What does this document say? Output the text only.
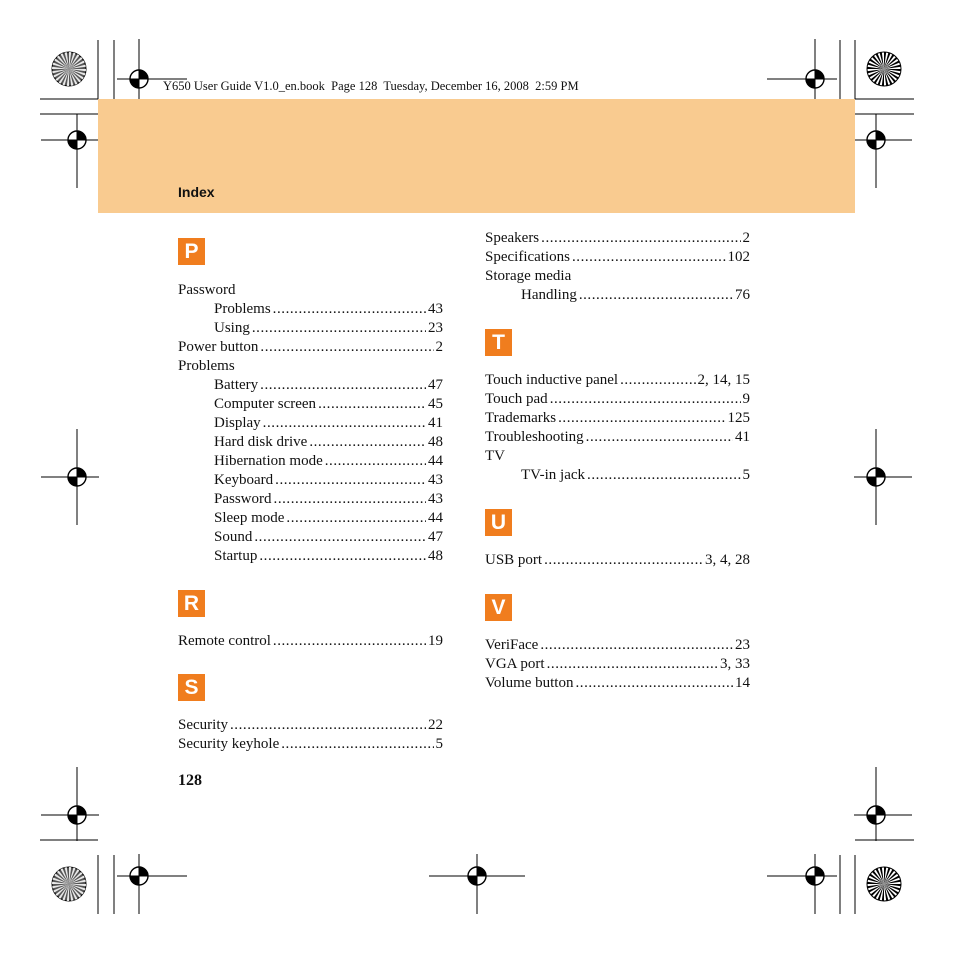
Y650 User Guide V1.0_en.book  Page 128  Tuesday, December 16, 2008  2:59 PM
Index
P
Password
Problems . . .	43
Using . . .	23
Power button . . .	2
Problems
Battery . . .	47
Computer screen . . .	45
Display . . .	41
Hard disk drive . . .	48
Hibernation mode . . .	44
Keyboard . . .	43
Password . . .	43
Sleep mode . . .	44
Sound . . .	47
Startup . . .	48
R
Remote control . . .	19
S
Security . . .	22
Security keyhole . . .	5
Speakers . . .	2
Specifications . . .	102
Storage media
Handling . . .	76
T
Touch inductive panel . . .	2, 14, 15
Touch pad . . .	9
Trademarks . . .	125
Troubleshooting . . .	41
TV
TV-in jack . . .	5
U
USB port . . .	3, 4, 28
V
VeriFace . . .	23
VGA port . . .	3, 33
Volume button . . .	14
128
